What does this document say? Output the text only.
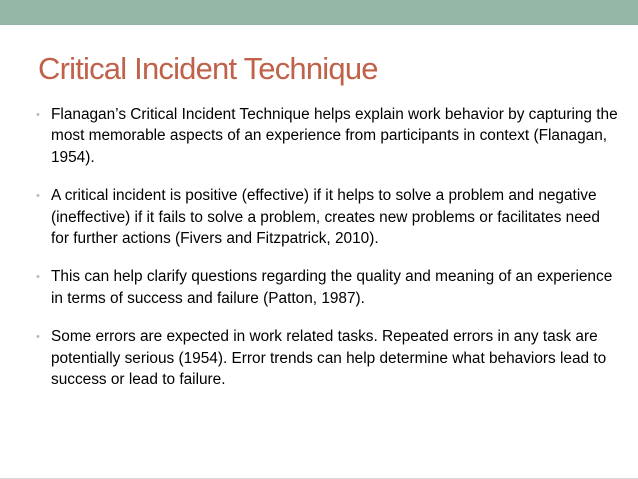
Critical Incident Technique
• Flanagan’s Critical Incident Technique helps explain work behavior by capturing the most memorable aspects of an experience from participants in context (Flanagan, 1954).
• A critical incident is positive (effective) if it helps to solve a problem and negative (ineffective) if it fails to solve a problem, creates new problems or facilitates need for further actions (Fivers and Fitzpatrick, 2010).
• This can help clarify questions regarding the quality and meaning of an experience in terms of success and failure (Patton, 1987).
• Some errors are expected in work related tasks. Repeated errors in any task are potentially serious (1954). Error trends can help determine what behaviors lead to success or lead to failure.
